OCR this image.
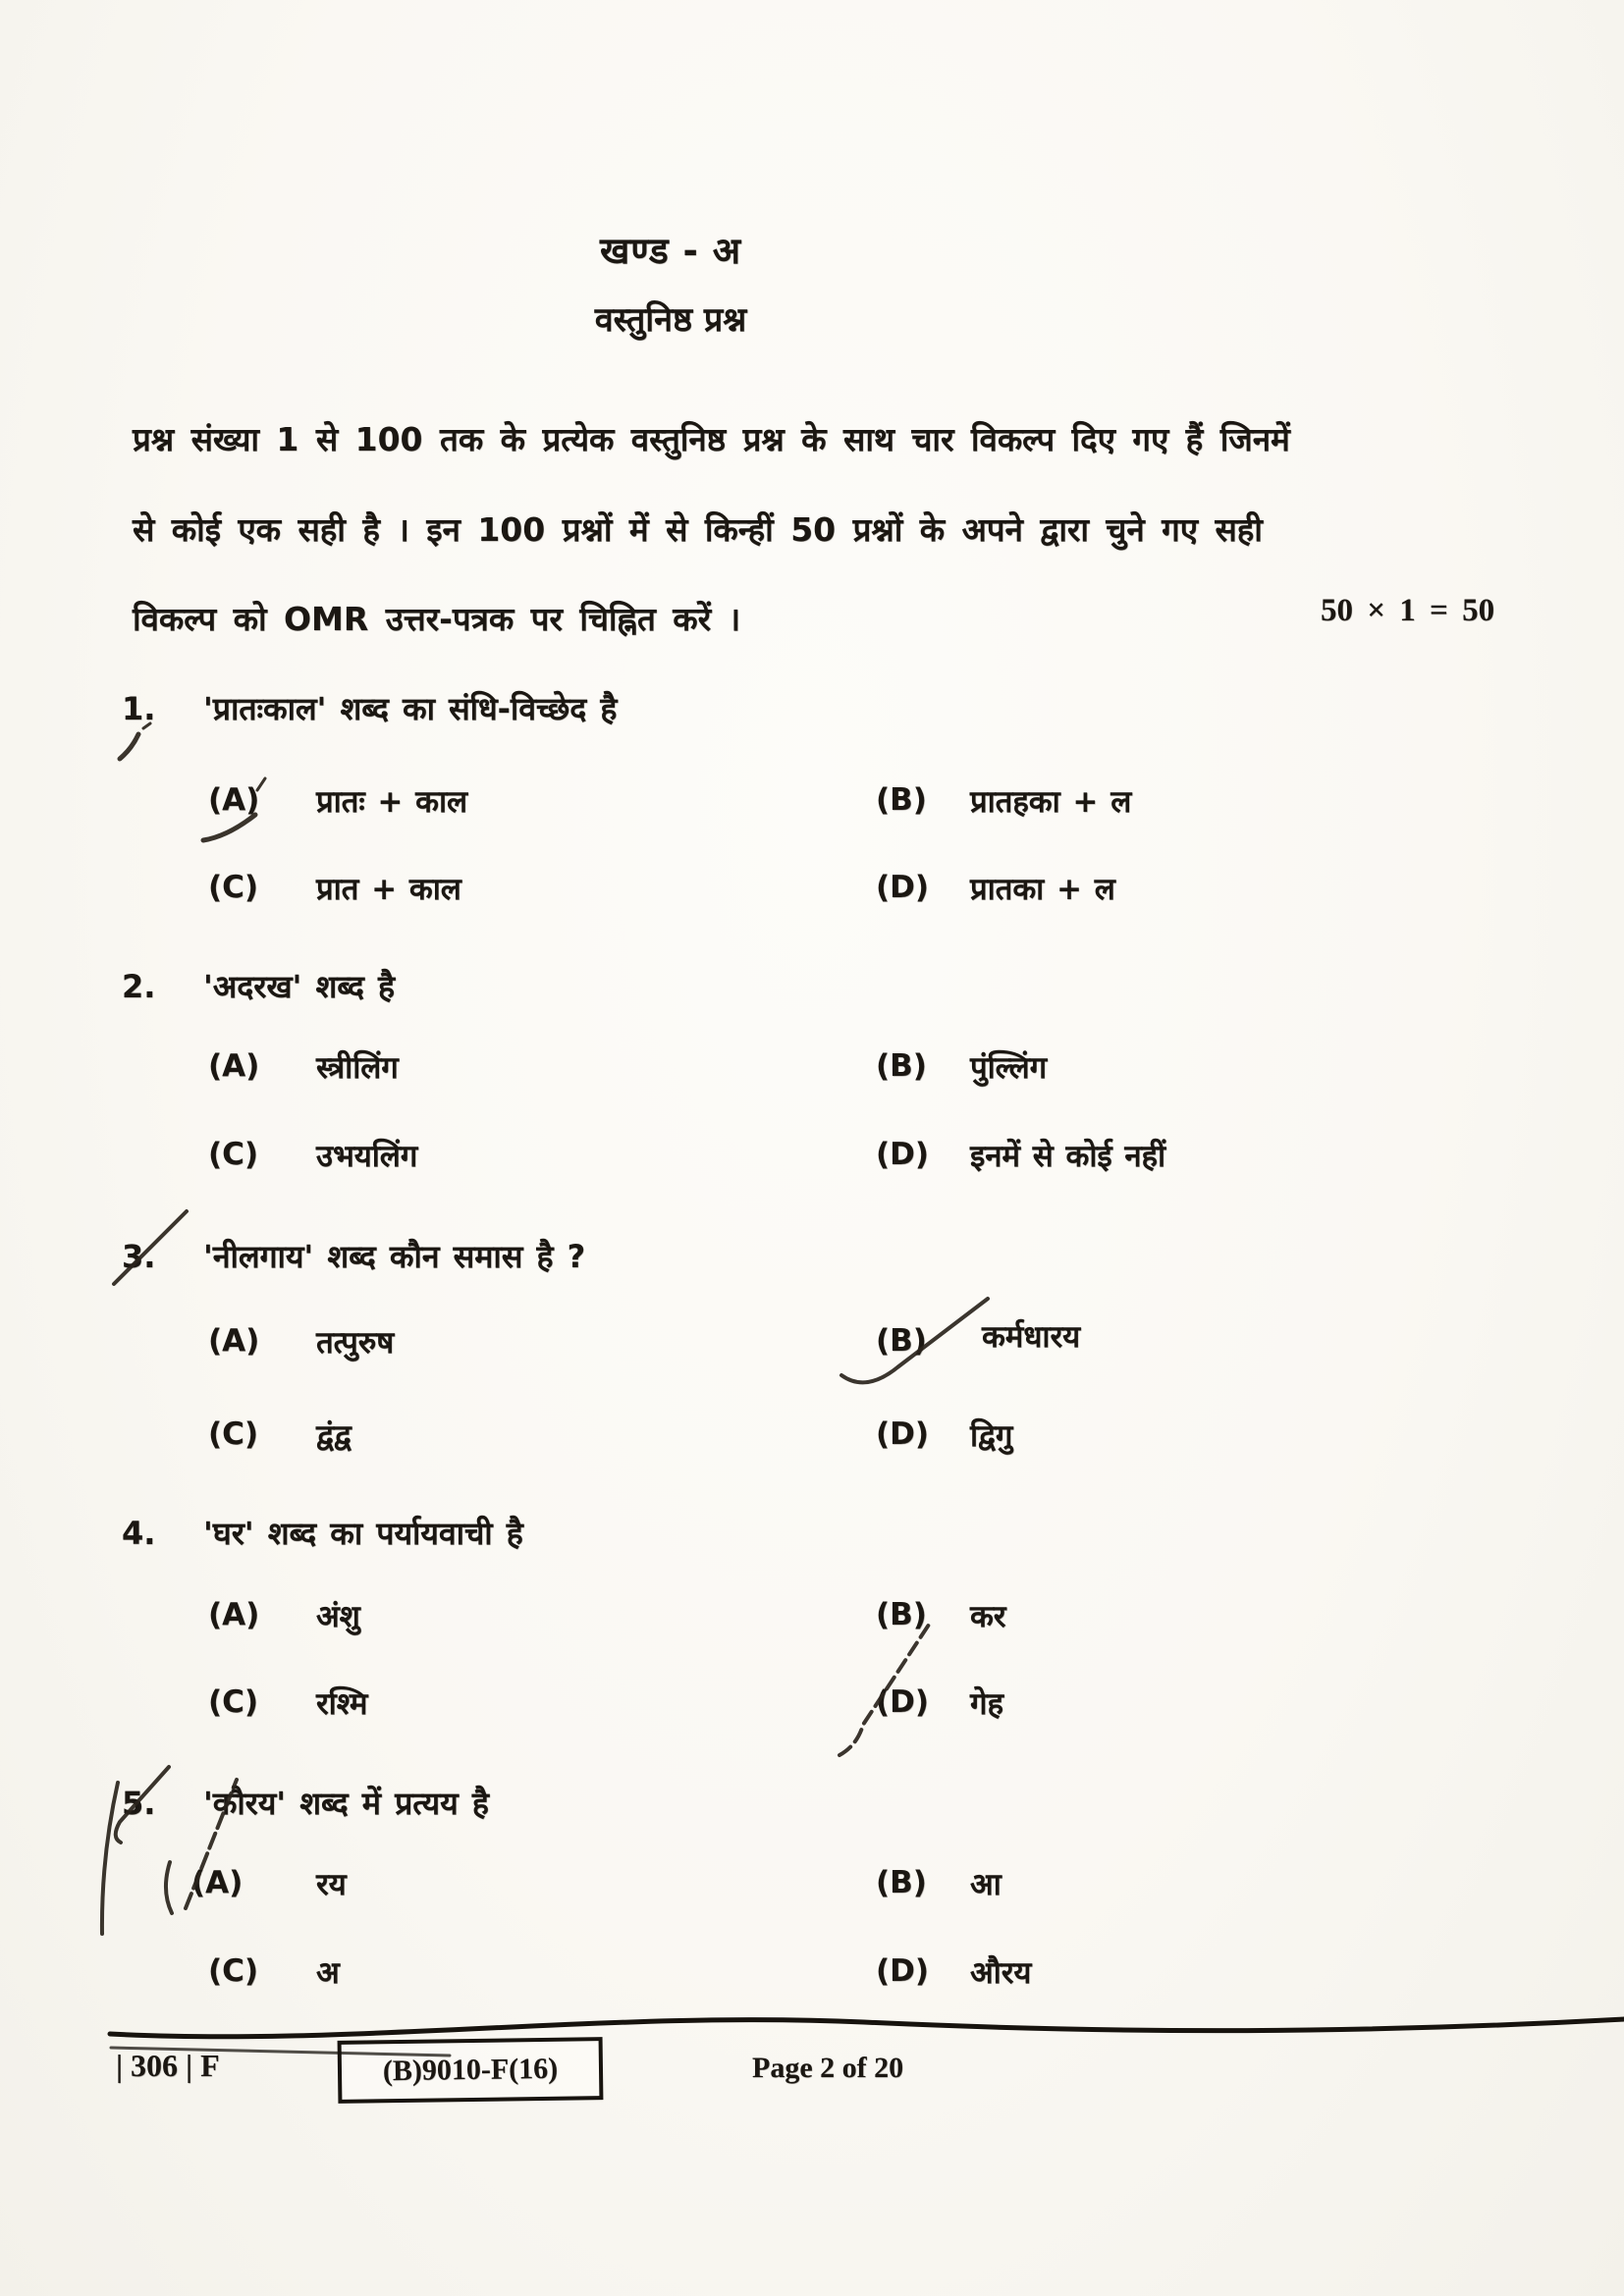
खण्ड - अ
वस्तुनिष्ठ प्रश्न
प्रश्न संख्या 1 से 100 तक के प्रत्येक वस्तुनिष्ठ प्रश्न के साथ चार विकल्प दिए गए हैं जिनमें
से कोई एक सही है । इन 100 प्रश्नों में से किन्हीं 50 प्रश्नों के अपने द्वारा चुने गए सही
विकल्प को OMR उत्तर-पत्रक पर चिह्नित करें ।	50 × 1 = 50
1. 'प्रातःकाल' शब्द का संधि-विच्छेद है
(A) प्रातः + काल	(B) प्रातहका + ल
(C) प्रात + काल	(D) प्रातका + ल
2. 'अदरख' शब्द है
(A) स्त्रीलिंग	(B) पुंल्लिंग
(C) उभयलिंग	(D) इनमें से कोई नहीं
3. 'नीलगाय' शब्द कौन समास है ?
(A) तत्पुरुष	(B) कर्मधारय
(C) द्वंद्व	(D) द्विगु
4. 'घर' शब्द का पर्यायवाची है
(A) अंशु	(B) कर
(C) रश्मि	(D) गेह
5. 'कौरय' शब्द में प्रत्यय है
(A) रय	(B) आ
(C) अ	(D) औरय
| 306 | F	(B)9010-F(16)	Page 2 of 20
